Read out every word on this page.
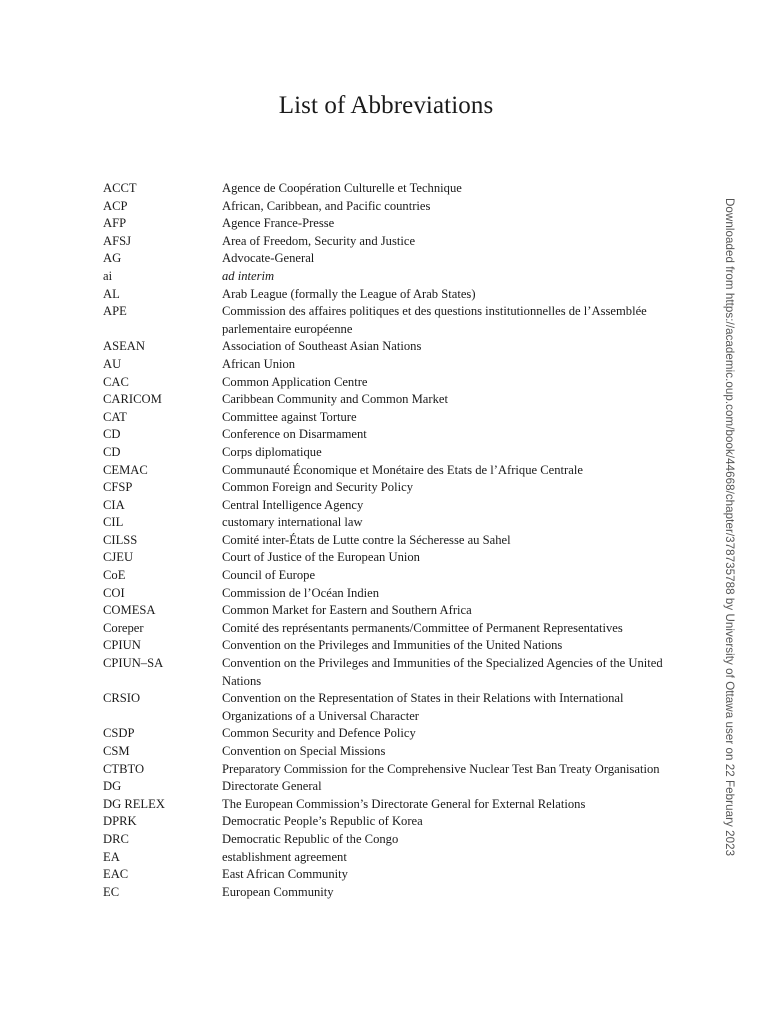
List of Abbreviations
ACCT	Agence de Coopération Culturelle et Technique
ACP	African, Caribbean, and Pacific countries
AFP	Agence France-Presse
AFSJ	Area of Freedom, Security and Justice
AG	Advocate-General
ai	ad interim
AL	Arab League (formally the League of Arab States)
APE	Commission des affaires politiques et des questions institutionnelles de l’Assemblée parlementaire européenne
ASEAN	Association of Southeast Asian Nations
AU	African Union
CAC	Common Application Centre
CARICOM	Caribbean Community and Common Market
CAT	Committee against Torture
CD	Conference on Disarmament
CD	Corps diplomatique
CEMAC	Communauté Économique et Monétaire des Etats de l’Afrique Centrale
CFSP	Common Foreign and Security Policy
CIA	Central Intelligence Agency
CIL	customary international law
CILSS	Comité inter-États de Lutte contre la Sécheresse au Sahel
CJEU	Court of Justice of the European Union
CoE	Council of Europe
COI	Commission de l’Océan Indien
COMESA	Common Market for Eastern and Southern Africa
Coreper	Comité des représentants permanents/Committee of Permanent Representatives
CPIUN	Convention on the Privileges and Immunities of the United Nations
CPIUN–SA	Convention on the Privileges and Immunities of the Specialized Agencies of the United Nations
CRSIO	Convention on the Representation of States in their Relations with International Organizations of a Universal Character
CSDP	Common Security and Defence Policy
CSM	Convention on Special Missions
CTBTO	Preparatory Commission for the Comprehensive Nuclear Test Ban Treaty Organisation
DG	Directorate General
DG RELEX	The European Commission’s Directorate General for External Relations
DPRK	Democratic People’s Republic of Korea
DRC	Democratic Republic of the Congo
EA	establishment agreement
EAC	East African Community
EC	European Community
Downloaded from https://academic.oup.com/book/44668/chapter/378735788 by University of Ottawa user on 22 February 2023
